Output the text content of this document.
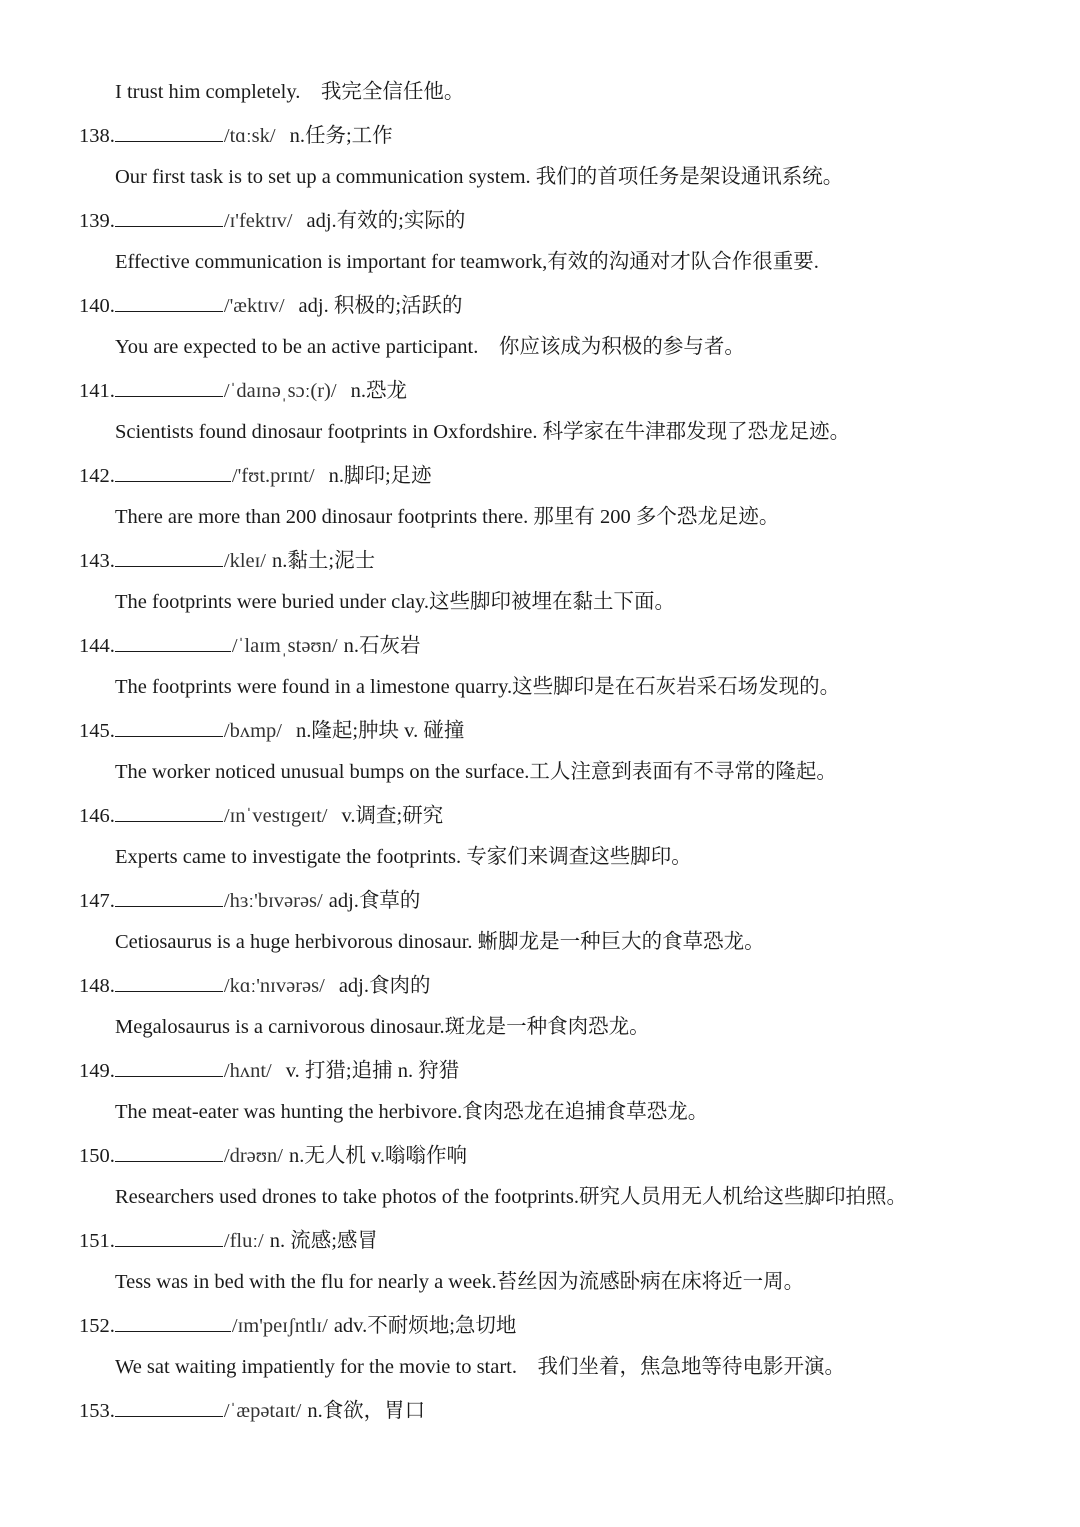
I trust him completely.　我完全信任他。
138.	/tɑːsk/ n.任务;工作
Our first task is to set up a communication system. 我们的首项任务是架设通讯系统。
139.	/ɪ'fektɪv/ adj.有效的;实际的
Effective communication is important for teamwork,有效的沟通对才队合作很重要.
140.	/'æktɪv/ adj. 积极的;活跃的
You are expected to be an active participant.　你应该成为积极的参与者。
141.	/ˈdaɪnəˌsɔː(r)/ n.恐龙
Scientists found dinosaur footprints in Oxfordshire. 科学家在牛津郡发现了恐龙足迹。
142.	/'fʊt.prɪnt/ n.脚印;足迹
There are more than 200 dinosaur footprints there. 那里有 200 多个恐龙足迹。
143.	/kleɪ/ n.黏土;泥士
The footprints were buried under clay.这些脚印被埋在黏土下面。
144.	/ˈlaɪmˌstəʊn/ n.石灰岩
The footprints were found in a limestone quarry.这些脚印是在石灰岩采石场发现的。
145.	/bʌmp/ n.隆起;肿块 v. 碰撞
The worker noticed unusual bumps on the surface.工人注意到表面有不寻常的隆起。
146.	/ɪnˈvestɪgeɪt/ v.调查;研究
Experts came to investigate the footprints. 专家们来调查这些脚印。
147.	/hɜː'bɪvərəs/ adj.食草的
Cetiosaurus is a huge herbivorous dinosaur. 蜥脚龙是一种巨大的食草恐龙。
148.	/kɑː'nɪvərəs/ adj.食肉的
Megalosaurus is a carnivorous dinosaur.斑龙是一种食肉恐龙。
149.	/hʌnt/ v. 打猎;追捕 n. 狩猎
The meat-eater was hunting the herbivore.食肉恐龙在追捕食草恐龙。
150.	/drəʊn/ n.无人机 v.嗡嗡作响
Researchers used drones to take photos of the footprints.研究人员用无人机给这些脚印拍照。
151.	/fluː/ n. 流感;感冒
Tess was in bed with the flu for nearly a week.苔丝因为流感卧病在床将近一周。
152.	/ɪm'peɪʃntlɪ/ adv.不耐烦地;急切地
We sat waiting impatiently for the movie to start.　我们坐着，焦急地等待电影开演。
153.	/ˈæpətaɪt/ n.食欲，胃口
